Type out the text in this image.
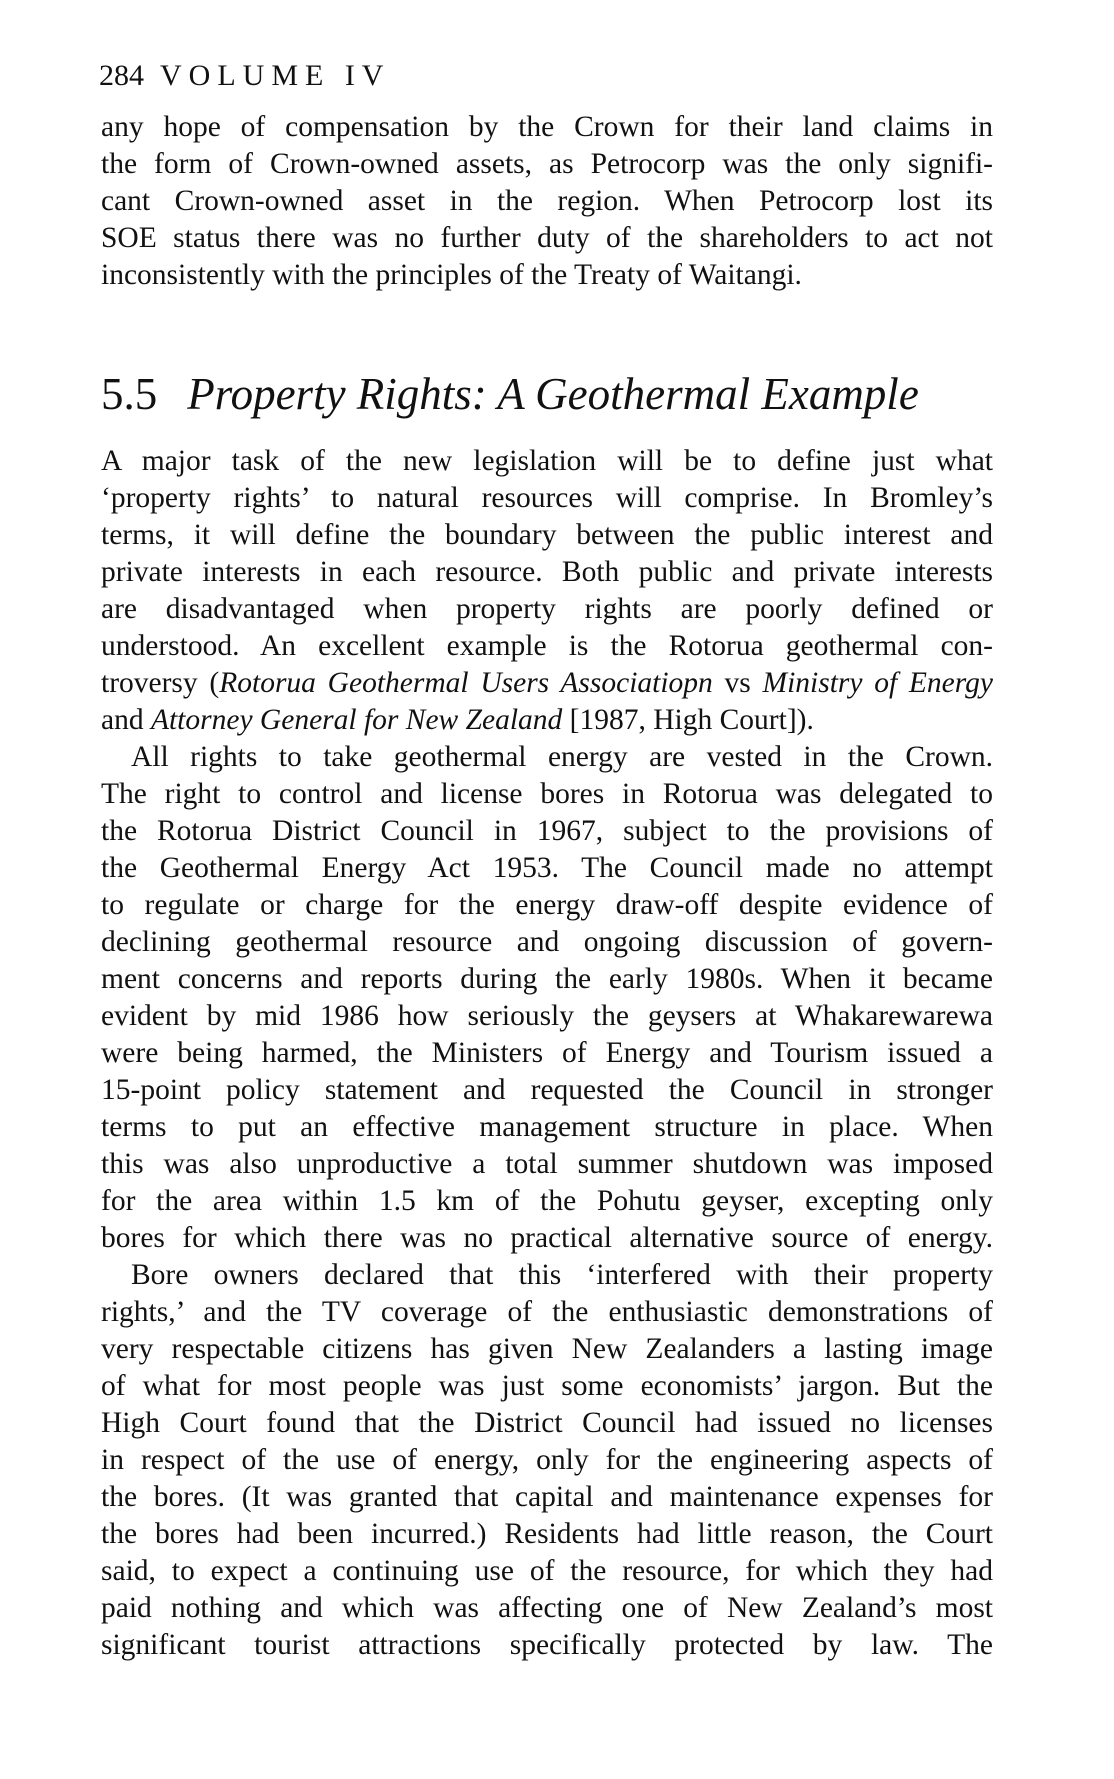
284 VOLUME IV
any hope of compensation by the Crown for their land claims in
the form of Crown-owned assets, as Petrocorp was the only signifi-
cant Crown-owned asset in the region. When Petrocorp lost its
SOE status there was no further duty of the shareholders to act not
inconsistently with the principles of the Treaty of Waitangi.
5.5 Property Rights: A Geothermal Example
A major task of the new legislation will be to define just what
‘property rights’ to natural resources will comprise. In Bromley’s
terms, it will define the boundary between the public interest and
private interests in each resource. Both public and private interests
are disadvantaged when property rights are poorly defined or
understood. An excellent example is the Rotorua geothermal con-
troversy (Rotorua Geothermal Users Associatiopn vs Ministry of Energy
and Attorney General for New Zealand [1987, High Court]).
All rights to take geothermal energy are vested in the Crown.
The right to control and license bores in Rotorua was delegated to
the Rotorua District Council in 1967, subject to the provisions of
the Geothermal Energy Act 1953. The Council made no attempt
to regulate or charge for the energy draw-off despite evidence of
declining geothermal resource and ongoing discussion of govern-
ment concerns and reports during the early 1980s. When it became
evident by mid 1986 how seriously the geysers at Whakarewarewa
were being harmed, the Ministers of Energy and Tourism issued a
15-point policy statement and requested the Council in stronger
terms to put an effective management structure in place. When
this was also unproductive a total summer shutdown was imposed
for the area within 1.5 km of the Pohutu geyser, excepting only
bores for which there was no practical alternative source of energy.
Bore owners declared that this ‘interfered with their property
rights,’ and the TV coverage of the enthusiastic demonstrations of
very respectable citizens has given New Zealanders a lasting image
of what for most people was just some economists’ jargon. But the
High Court found that the District Council had issued no licenses
in respect of the use of energy, only for the engineering aspects of
the bores. (It was granted that capital and maintenance expenses for
the bores had been incurred.) Residents had little reason, the Court
said, to expect a continuing use of the resource, for which they had
paid nothing and which was affecting one of New Zealand’s most
significant tourist attractions specifically protected by law. The
